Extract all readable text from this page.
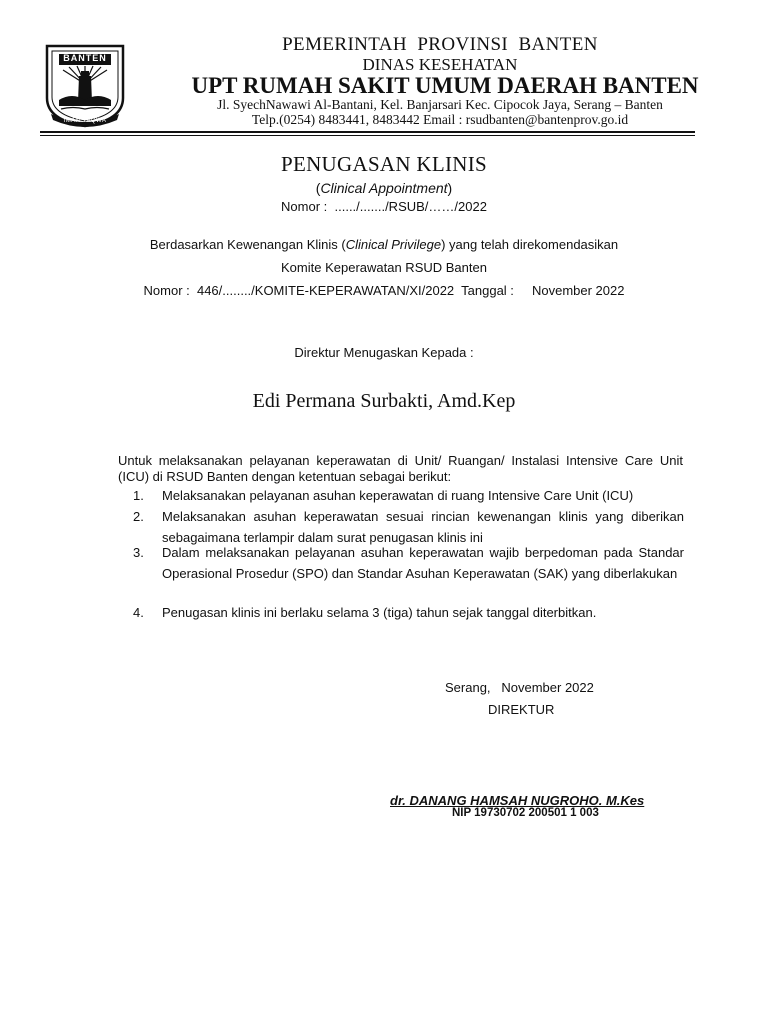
BANTEN
IMAN TAQWA
PEMERINTAH  PROVINSI  BANTEN
DINAS KESEHATAN
UPT RUMAH SAKIT UMUM DAERAH BANTEN
Jl. SyechNawawi Al-Bantani, Kel. Banjarsari Kec. Cipocok Jaya, Serang – Banten
Telp.(0254) 8483441, 8483442 Email : rsudbanten@bantenprov.go.id
PENUGASAN KLINIS
(Clinical Appointment)
Nomor :  ....../......./RSUB/……/2022
Berdasarkan Kewenangan Klinis (Clinical Privilege) yang telah direkomendasikan
Komite Keperawatan RSUD Banten
Nomor :  446/......../KOMITE-KEPERAWATAN/XI/2022  Tanggal :     November 2022
Direktur Menugaskan Kepada :
Edi Permana Surbakti, Amd.Kep
Untuk melaksanakan pelayanan keperawatan di Unit/ Ruangan/ Instalasi Intensive Care Unit (ICU) di RSUD Banten dengan ketentuan sebagai berikut:
1. Melaksanakan pelayanan asuhan keperawatan di ruang Intensive Care Unit (ICU)
2. Melaksanakan asuhan keperawatan sesuai rincian kewenangan klinis yang diberikan sebagaimana terlampir dalam surat penugasan klinis ini
3. Dalam melaksanakan pelayanan asuhan keperawatan wajib berpedoman pada Standar Operasional Prosedur (SPO) dan Standar Asuhan Keperawatan (SAK) yang diberlakukan
4. Penugasan klinis ini berlaku selama 3 (tiga) tahun sejak tanggal diterbitkan.
Serang,   November 2022
DIREKTUR
dr. DANANG HAMSAH NUGROHO. M.Kes
NIP 19730702 200501 1 003
